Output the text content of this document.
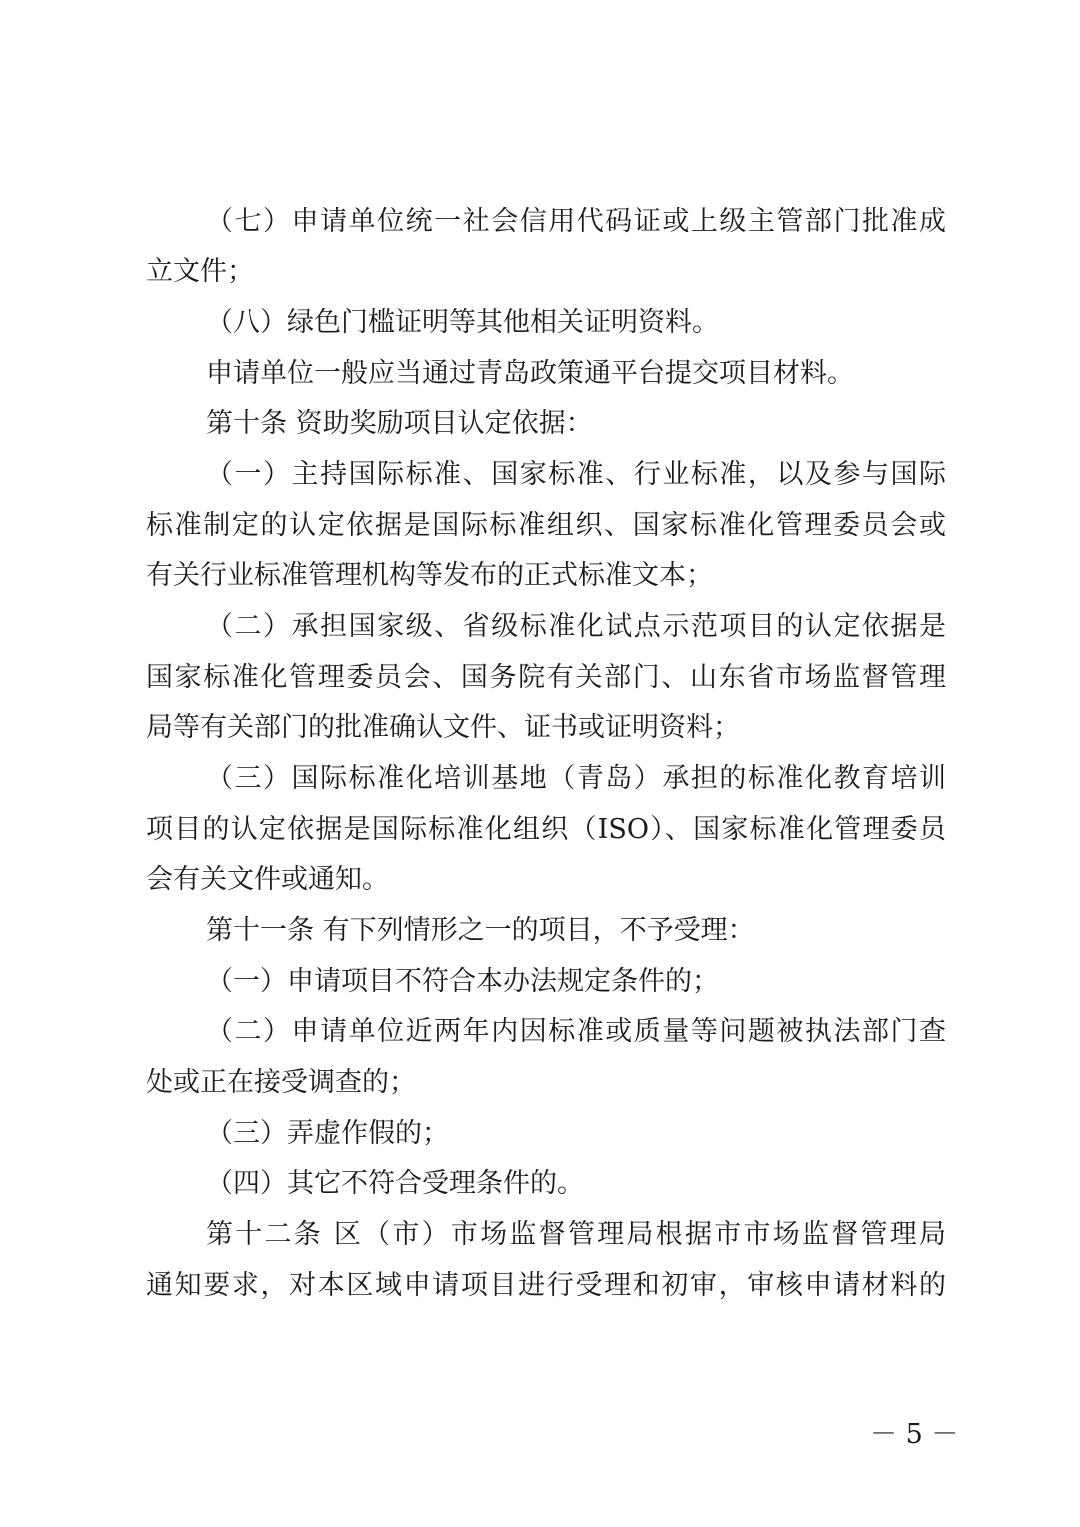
（七）申请单位统一社会信用代码证或上级主管部门批准成
立文件；
（八）绿色门槛证明等其他相关证明资料。
申请单位一般应当通过青岛政策通平台提交项目材料。
第十条 资助奖励项目认定依据：
（一）主持国际标准、国家标准、行业标准，以及参与国际
标准制定的认定依据是国际标准组织、国家标准化管理委员会或
有关行业标准管理机构等发布的正式标准文本；
（二）承担国家级、省级标准化试点示范项目的认定依据是
国家标准化管理委员会、国务院有关部门、山东省市场监督管理
局等有关部门的批准确认文件、证书或证明资料；
（三）国际标准化培训基地（青岛）承担的标准化教育培训
项目的认定依据是国际标准化组织（ISO）、国家标准化管理委员
会有关文件或通知。
第十一条 有下列情形之一的项目，不予受理：
（一）申请项目不符合本办法规定条件的；
（二）申请单位近两年内因标准或质量等问题被执法部门查
处或正在接受调查的；
（三）弄虚作假的；
（四）其它不符合受理条件的。
第十二条 区（市）市场监督管理局根据市市场监督管理局
通知要求，对本区域申请项目进行受理和初审，审核申请材料的
－ 5 －
